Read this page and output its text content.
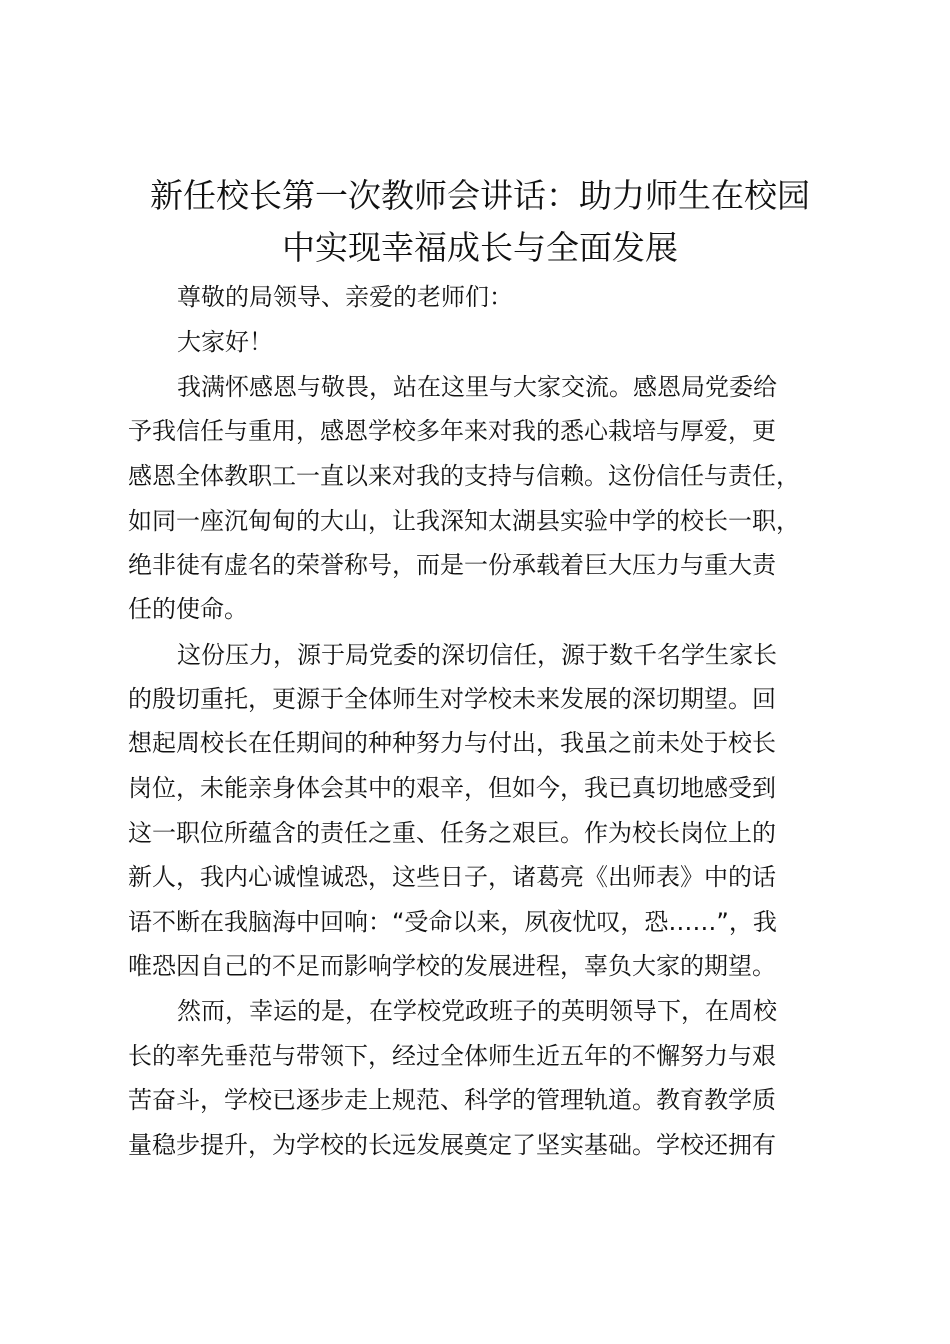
新任校长第一次教师会讲话：助力师生在校园
中实现幸福成长与全面发展

尊敬的局领导、亲爱的老师们：

大家好！

我满怀感恩与敬畏，站在这里与大家交流。感恩局党委给

予我信任与重用，感恩学校多年来对我的悉心栽培与厚爱，更

感恩全体教职工一直以来对我的支持与信赖。这份信任与责任，

如同一座沉甸甸的大山，让我深知太湖县实验中学的校长一职，

绝非徒有虚名的荣誉称号，而是一份承载着巨大压力与重大责

任的使命。

这份压力，源于局党委的深切信任，源于数千名学生家长

的殷切重托，更源于全体师生对学校未来发展的深切期望。回

想起周校长在任期间的种种努力与付出，我虽之前未处于校长

岗位，未能亲身体会其中的艰辛，但如今，我已真切地感受到

这一职位所蕴含的责任之重、任务之艰巨。作为校长岗位上的

新人，我内心诚惶诚恐，这些日子，诸葛亮《出师表》中的话

语不断在我脑海中回响：“受命以来，夙夜忧叹，恐……”，我

唯恐因自己的不足而影响学校的发展进程，辜负大家的期望。

然而，幸运的是，在学校党政班子的英明领导下，在周校

长的率先垂范与带领下，经过全体师生近五年的不懈努力与艰

苦奋斗，学校已逐步走上规范、科学的管理轨道。教育教学质

量稳步提升，为学校的长远发展奠定了坚实基础。学校还拥有
